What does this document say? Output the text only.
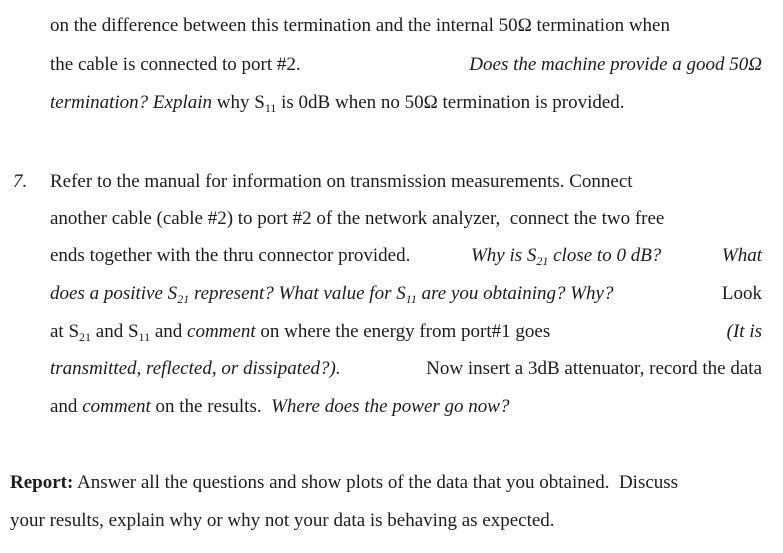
on the difference between this termination and the internal 50Ω termination when
the cable is connected to port #2.	Does the machine provide a good 50Ω
termination? Explain why $S_{11}$ is 0dB when no 50Ω termination is provided.
7. Refer to the manual for information on transmission measurements. Connect
another cable (cable #2) to port #2 of the network analyzer,  connect the two free
ends together with the thru connector provided.	Why is $S_{21}$ close to 0 dB?	What
does a positive $S_{21}$ represent? What value for $S_{11}$ are you obtaining? Why?	Look
at $S_{21}$ and $S_{11}$ and comment on where the energy from port#1 goes	(It is
transmitted, reflected, or dissipated?).	Now insert a 3dB attenuator, record the data
and comment on the results.  Where does the power go now?
Report: Answer all the questions and show plots of the data that you obtained.  Discuss
your results, explain why or why not your data is behaving as expected.
